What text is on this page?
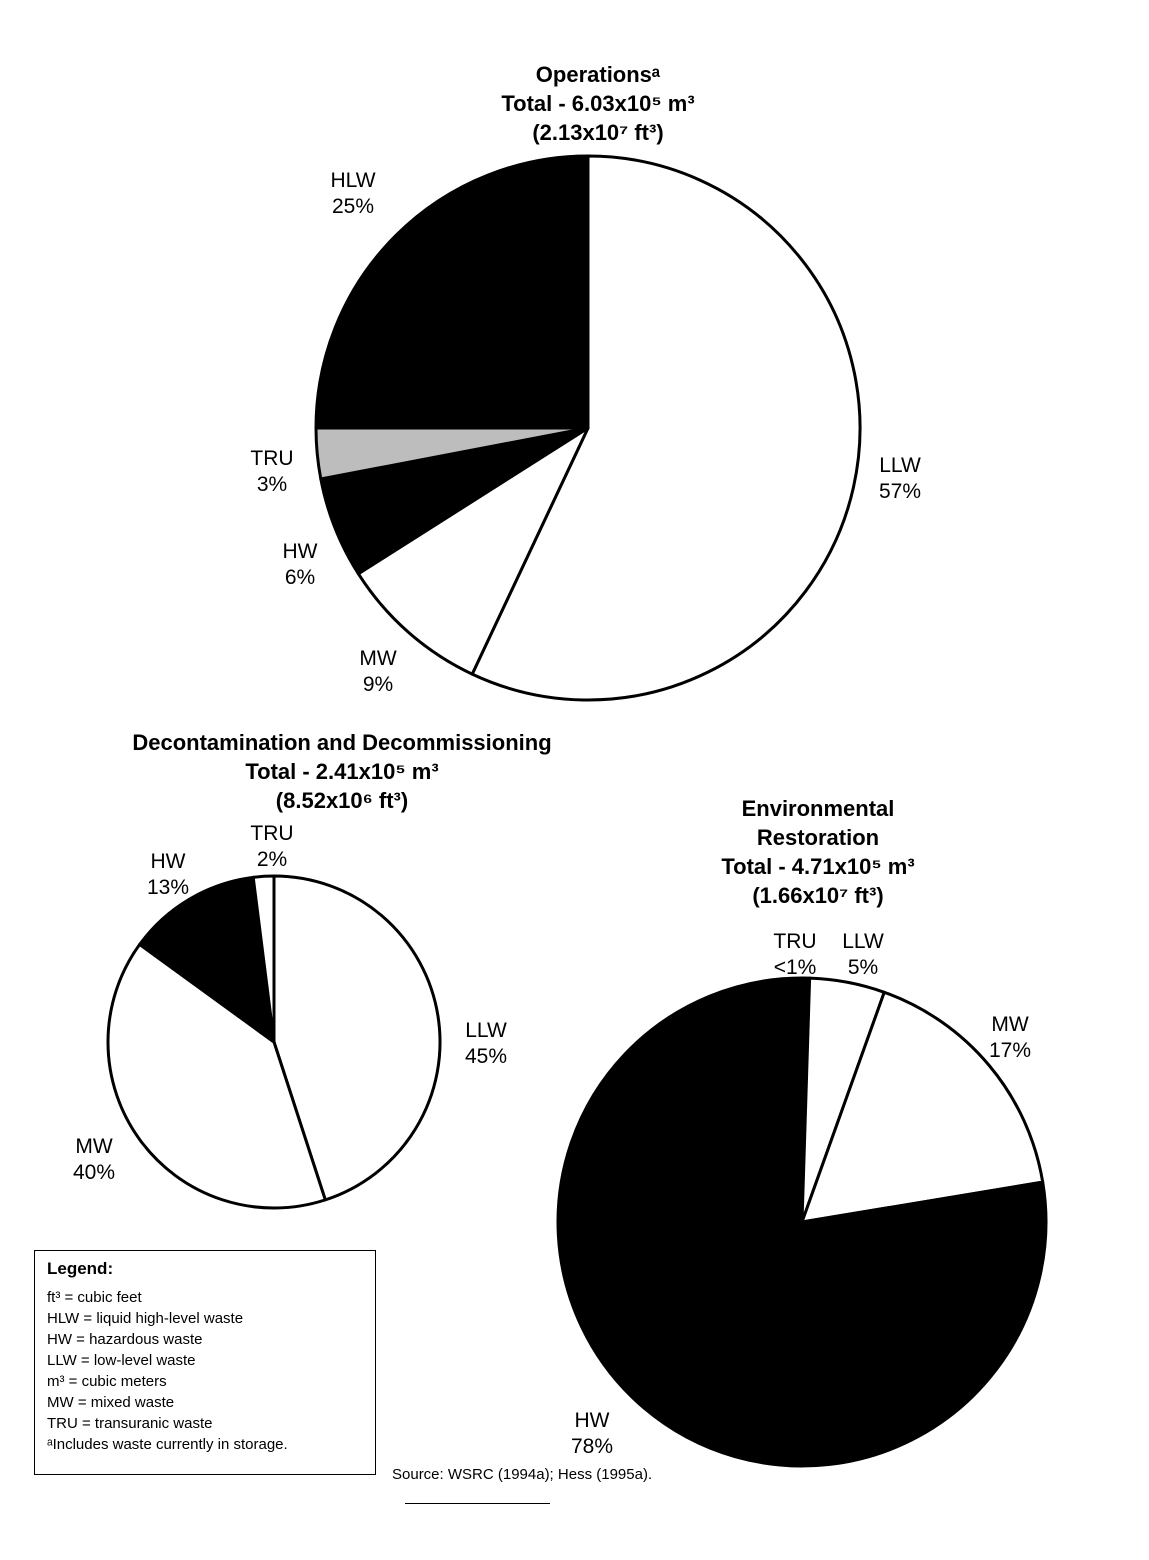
LLW
57%
MW
9%
HW
6%
TRU
3%
HLW
25%
Operationsᵃ
Total - 6.03x10⁵ m³
(2.13x10⁷ ft³)
LLW
45%
MW
40%
HW
13%
TRU
2%
Decontamination and Decommissioning
Total - 2.41x10⁵ m³
(8.52x10⁶ ft³)
TRU
<1%
LLW
5%
MW
17%
HW
78%
Environmental
Restoration
Total - 4.71x10⁵ m³
(1.66x10⁷ ft³)
Legend:
ft³ = cubic feet
HLW = liquid high-level waste
HW = hazardous waste
LLW = low-level waste
m³ = cubic meters
MW = mixed waste
TRU = transuranic waste
ᵃIncludes waste currently in storage.
Source: WSRC (1994a); Hess (1995a).
